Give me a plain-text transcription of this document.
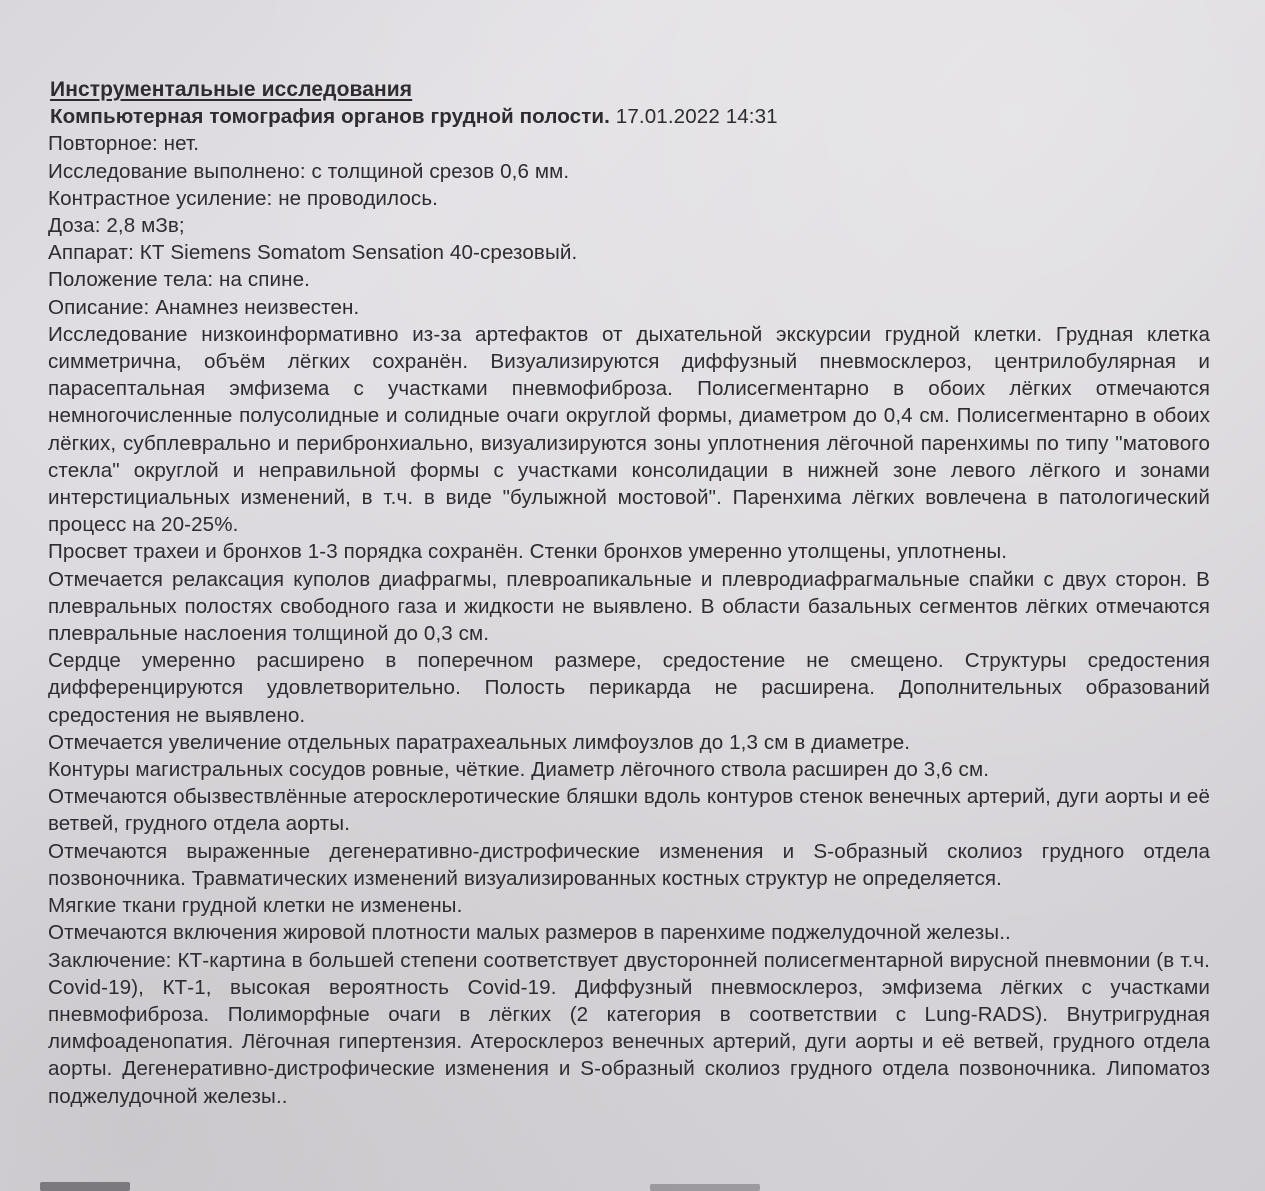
Инструментальные исследования
Компьютерная томография органов грудной полости. 17.01.2022 14:31

Повторное: нет.

Исследование выполнено: с толщиной срезов 0,6 мм.

Контрастное усиление: не проводилось.

Доза: 2,8 мЗв;

Аппарат: КТ Siemens Somatom Sensation 40-срезовый.

Положение тела: на спине.

Описание: Анамнез неизвестен.

Исследование низкоинформативно из-за артефактов от дыхательной экскурсии грудной клетки. Грудная клетка симметрична, объём лёгких сохранён. Визуализируются диффузный пневмосклероз, центрилобулярная и парасептальная эмфизема с участками пневмофиброза. Полисегментарно в обоих лёгких отмечаются немногочисленные полусолидные и солидные очаги округлой формы, диаметром до 0,4 см. Полисегментарно в обоих лёгких, субплеврально и перибронхиально, визуализируются зоны уплотнения лёгочной паренхимы по типу "матового стекла" округлой и неправильной формы с участками консолидации в нижней зоне левого лёгкого и зонами интерстициальных изменений, в т.ч. в виде "булыжной мостовой". Паренхима лёгких вовлечена в патологический процесс на 20-25%.

Просвет трахеи и бронхов 1-3 порядка сохранён. Стенки бронхов умеренно утолщены, уплотнены.

Отмечается релаксация куполов диафрагмы, плевроапикальные и плевродиафрагмальные спайки с двух сторон. В плевральных полостях свободного газа и жидкости не выявлено. В области базальных сегментов лёгких отмечаются плевральные наслоения толщиной до 0,3 см.

Сердце умеренно расширено в поперечном размере, средостение не смещено. Структуры средостения дифференцируются удовлетворительно. Полость перикарда не расширена. Дополнительных образований средостения не выявлено.

Отмечается увеличение отдельных паратрахеальных лимфоузлов до 1,3 см в диаметре.

Контуры магистральных сосудов ровные, чёткие. Диаметр лёгочного ствола расширен до 3,6 см.

Отмечаются обызвествлённые атеросклеротические бляшки вдоль контуров стенок венечных артерий, дуги аорты и её ветвей, грудного отдела аорты.

Отмечаются выраженные дегенеративно-дистрофические изменения и S-образный сколиоз грудного отдела позвоночника. Травматических изменений визуализированных костных структур не определяется.

Мягкие ткани грудной клетки не изменены.

Отмечаются включения жировой плотности малых размеров в паренхиме поджелудочной железы..

Заключение: КТ-картина в большей степени соответствует двусторонней полисегментарной вирусной пневмонии (в т.ч. Covid-19), КТ-1, высокая вероятность Covid-19. Диффузный пневмосклероз, эмфизема лёгких с участками пневмофиброза. Полиморфные очаги в лёгких (2 категория в соответствии с Lung-RADS). Внутригрудная лимфоаденопатия. Лёгочная гипертензия. Атеросклероз венечных артерий, дуги аорты и её ветвей, грудного отдела аорты. Дегенеративно-дистрофические изменения и S-образный сколиоз грудного отдела позвоночника. Липоматоз поджелудочной железы..
